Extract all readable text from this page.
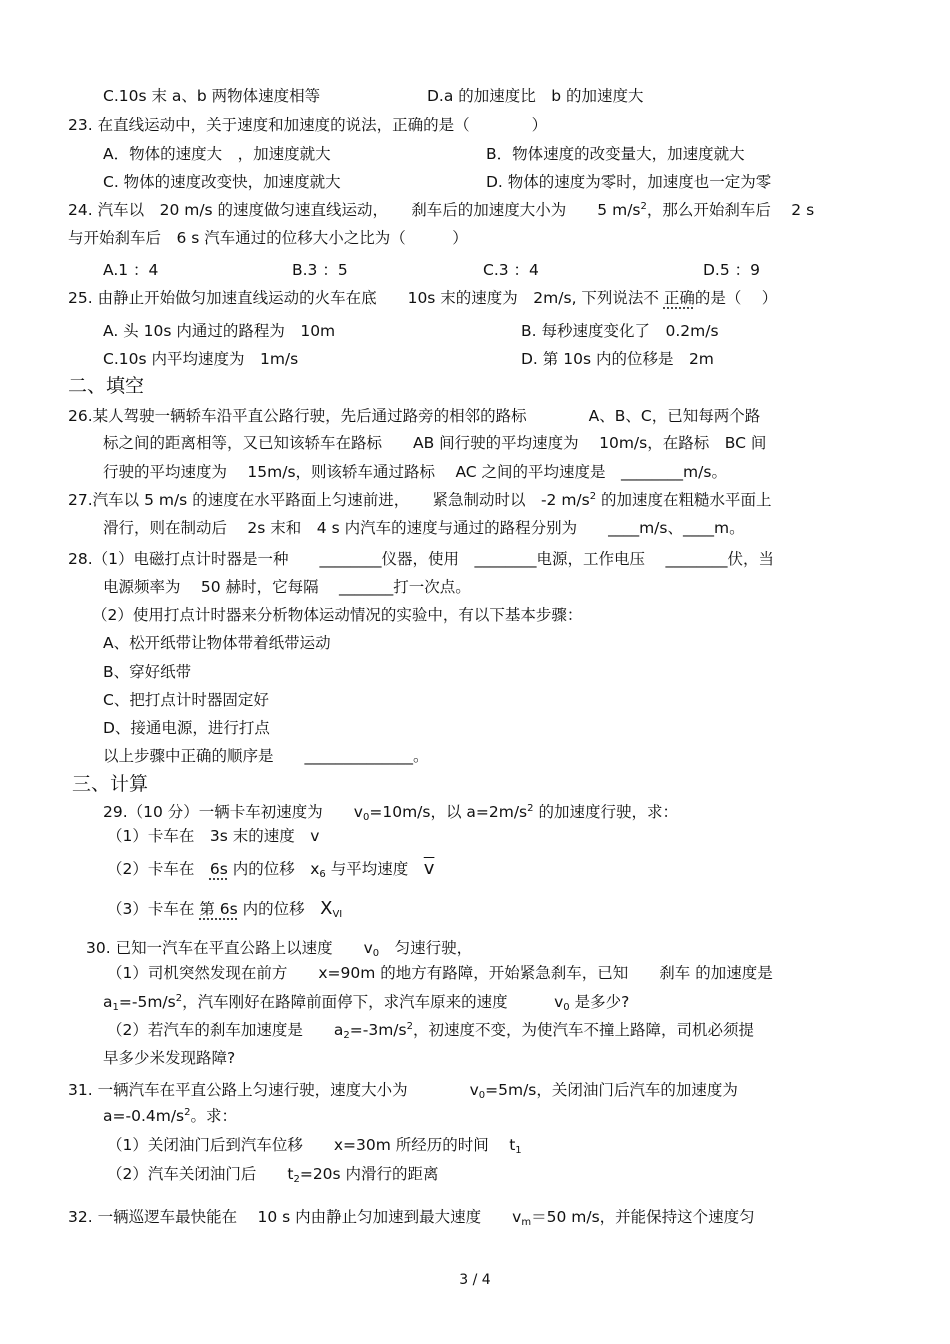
C.10s 末 a、b 两物体速度相等	D.a 的加速度比　b 的加速度大
23. 在直线运动中，关于速度和加速度的说法，正确的是（　　　　）
A．物体的速度大　，加速度就大	B．物体速度的改变量大，加速度就大
C. 物体的速度改变快，加速度就大	D. 物体的速度为零时，加速度也一定为零
24. 汽车以　20 m/s 的速度做匀速直线运动，　　刹车后的加速度大小为　　5 $m/s^2$，那么开始刹车后　 2 s
与开始刹车后　6 s 汽车通过的位移大小之比为（　　　）
A.1 ：4	B.3 ：5	C.3 ：4	D.5 ：9
25. 由静止开始做匀加速直线运动的火车在底　　10s 末的速度为　2m/s, 下列说法不 正确的是（　 ）
A. 头 10s 内通过的路程为　10m	B. 每秒速度变化了　0.2m/s
C.10s 内平均速度为　1m/s	D. 第 10s 内的位移是　2m
二、填空
26.某人驾驶一辆轿车沿平直公路行驶，先后通过路旁的相邻的路标　　　　A、B、C，已知每两个路
标之间的距离相等，又已知该轿车在路标　　AB 间行驶的平均速度为　 10m/s，在路标　BC 间
行驶的平均速度为　 15m/s，则该轿车通过路标　 AC 之间的平均速度是　________m/s。
27.汽车以 5 m/s 的速度在水平路面上匀速前进，　　紧急制动时以　-2 $m/s^2$ 的加速度在粗糙水平面上
滑行，则在制动后　 2s 末和　4 s 内汽车的速度与通过的路程分别为　　____m/s、____m。
28.（1）电磁打点计时器是一种　　________仪器，使用　________电源，工作电压　 ________伏，当
电源频率为　 50 赫时，它每隔　 _______打一次点。
（2）使用打点计时器来分析物体运动情况的实验中，有以下基本步骤：
A、松开纸带让物体带着纸带运动
B、穿好纸带
C、把打点计时器固定好
D、接通电源，进行打点
以上步骤中正确的顺序是　　______________。
三、计算
29.（10 分）一辆卡车初速度为　　$v_0=10m/s$，以 $a=2m/s^2$ 的加速度行驶，求：
（1）卡车在　3s 末的速度　v
（2）卡车在　6s 内的位移　$x_6$ 与平均速度　$\overline{v}$
（3）卡车在 第 6s 内的位移　$X_{VI}$
30. 已知一汽车在平直公路上以速度　　$v_0$　匀速行驶，
（1）司机突然发现在前方　　x=90m 的地方有路障，开始紧急刹车，已知　　刹车 的加速度是
$a_1=-5m/s^2$，汽车刚好在路障前面停下，求汽车原来的速度　　　$v_0$ 是多少?
（2）若汽车的刹车加速度是　　$a_2=-3m/s^2$，初速度不变，为使汽车不撞上路障，司机必须提
早多少米发现路障?
31. 一辆汽车在平直公路上匀速行驶，速度大小为　　　　$v_0=5m/s$，关闭油门后汽车的加速度为
$a=-0.4m/s^2$。求：
（1）关闭油门后到汽车位移　　x=30m 所经历的时间　 $t_1$
（2）汽车关闭油门后　　$t_2=20s$ 内滑行的距离
32. 一辆巡逻车最快能在　 10 s 内由静止匀加速到最大速度　　$v_m=50$ m/s，并能保持这个速度匀
3 / 4
